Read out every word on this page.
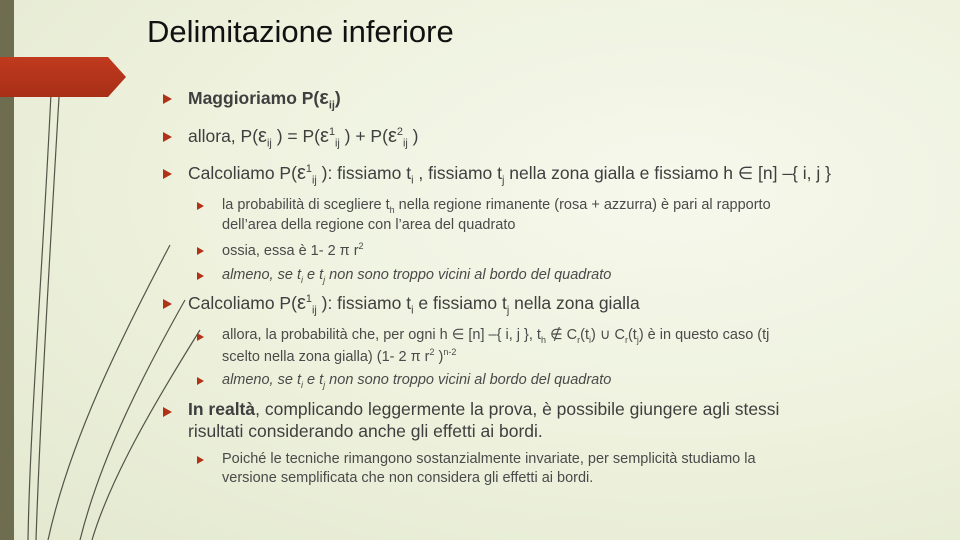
Delimitazione inferiore
Maggioriamo $P(\varepsilon_{ij})$
allora, $P(\varepsilon_{ij}$ ) = $P(\varepsilon^1_{ij}$ ) + $P(\varepsilon^2_{ij}$ )
Calcoliamo $P(\varepsilon^1_{ij}$ ): fissiamo $t_i$ , fissiamo $t_j$ nella zona gialla e fissiamo h ∈ [n] –{ i, j }
la probabilità di scegliere $t_h$ nella regione rimanente (rosa + azzurra) è pari al rapporto
dell’area della regione con l’area del quadrato
ossia, essa è 1- 2 π $r^2$
almeno, se $t_i$ e $t_j$ non sono troppo vicini al bordo del quadrato
Calcoliamo $P(\varepsilon^1_{ij}$ ): fissiamo $t_i$ e fissiamo $t_j$ nella zona gialla
allora, la probabilità che, per ogni h ∈ [n] –{ i, j }, $t_h$ ∉ $C_r(t_i)$ ∪ $C_r(t_j)$ è in questo caso (tj
scelto nella zona gialla) (1- 2 π $r^2$ )$^{n-2}$
almeno, se $t_i$ e $t_j$ non sono troppo vicini al bordo del quadrato
In realtà, complicando leggermente la prova, è possibile giungere agli stessi
risultati considerando anche gli effetti ai bordi.
Poiché le tecniche rimangono sostanzialmente invariate, per semplicità studiamo la
versione semplificata che non considera gli effetti ai bordi.
